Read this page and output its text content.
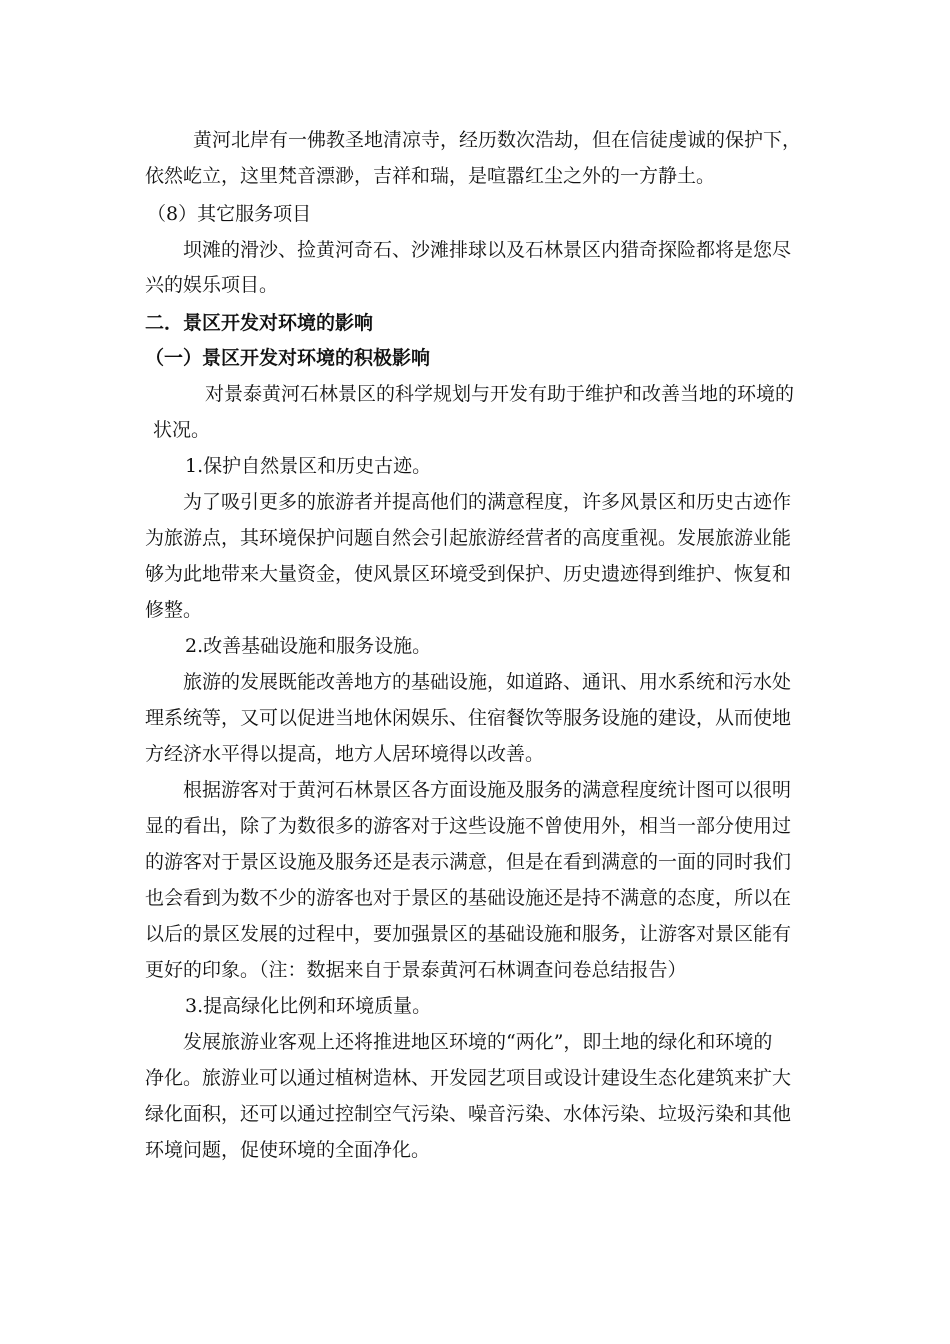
黄河北岸有一佛教圣地清凉寺，经历数次浩劫，但在信徒虔诚的保护下，
依然屹立，这里梵音漂渺，吉祥和瑞，是喧嚣红尘之外的一方静土。
（8）其它服务项目
坝滩的滑沙、捡黄河奇石、沙滩排球以及石林景区内猎奇探险都将是您尽
兴的娱乐项目。
二．景区开发对环境的影响
（一）景区开发对环境的积极影响
对景泰黄河石林景区的科学规划与开发有助于维护和改善当地的环境的
状况。
1.保护自然景区和历史古迹。
为了吸引更多的旅游者并提高他们的满意程度，许多风景区和历史古迹作
为旅游点，其环境保护问题自然会引起旅游经营者的高度重视。发展旅游业能
够为此地带来大量资金，使风景区环境受到保护、历史遗迹得到维护、恢复和
修整。
2.改善基础设施和服务设施。
旅游的发展既能改善地方的基础设施，如道路、通讯、用水系统和污水处
理系统等，又可以促进当地休闲娱乐、住宿餐饮等服务设施的建设，从而使地
方经济水平得以提高，地方人居环境得以改善。
根据游客对于黄河石林景区各方面设施及服务的满意程度统计图可以很明
显的看出，除了为数很多的游客对于这些设施不曾使用外，相当一部分使用过
的游客对于景区设施及服务还是表示满意，但是在看到满意的一面的同时我们
也会看到为数不少的游客也对于景区的基础设施还是持不满意的态度，所以在
以后的景区发展的过程中，要加强景区的基础设施和服务，让游客对景区能有
更好的印象。（注：数据来自于景泰黄河石林调查问卷总结报告）
3.提高绿化比例和环境质量。
发展旅游业客观上还将推进地区环境的“两化”，即土地的绿化和环境的
净化。旅游业可以通过植树造林、开发园艺项目或设计建设生态化建筑来扩大
绿化面积，还可以通过控制空气污染、噪音污染、水体污染、垃圾污染和其他
环境问题，促使环境的全面净化。
